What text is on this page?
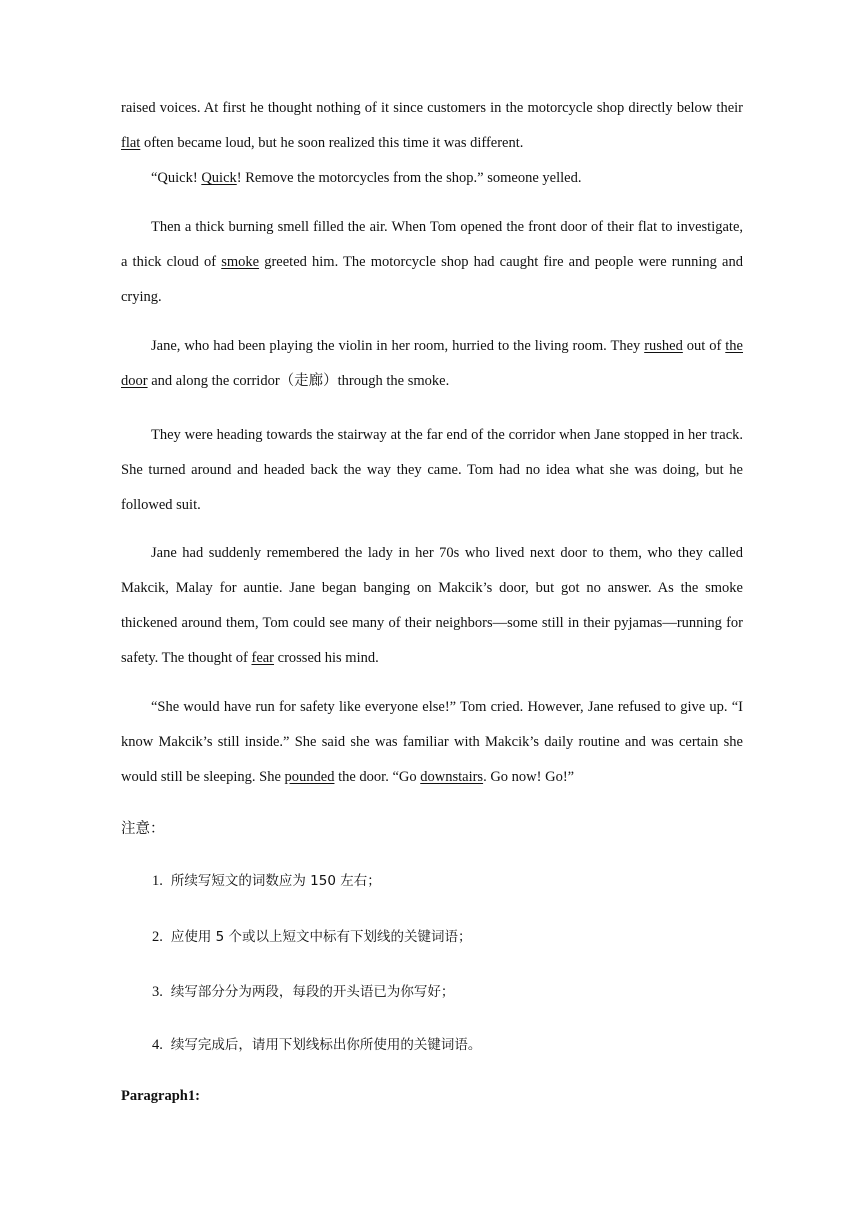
raised voices. At first he thought nothing of it since customers in the motorcycle shop directly below their flat often became loud, but he soon realized this time it was different.

“Quick! Quick! Remove the motorcycles from the shop.” someone yelled.

Then a thick burning smell filled the air. When Tom opened the front door of their flat to investigate, a thick cloud of smoke greeted him. The motorcycle shop had caught fire and people were running and crying.

Jane, who had been playing the violin in her room, hurried to the living room. They rushed out of the door and along the corridor（走廊）through the smoke.

They were heading towards the stairway at the far end of the corridor when Jane stopped in her track. She turned around and headed back the way they came. Tom had no idea what she was doing, but he followed suit.

Jane had suddenly remembered the lady in her 70s who lived next door to them, who they called Makcik, Malay for auntie. Jane began banging on Makcik’s door, but got no answer. As the smoke thickened around them, Tom could see many of their neighbors—some still in their pyjamas—running for safety. The thought of fear crossed his mind.

“She would have run for safety like everyone else!” Tom cried. However, Jane refused to give up. “I know Makcik’s still inside.” She said she was familiar with Makcik’s daily routine and was certain she would still be sleeping. She pounded the door. “Go downstairs. Go now! Go!”

注意：

1. 所续写短文的词数应为 150 左右；

2. 应使用 5 个或以上短文中标有下划线的关键词语；

3. 续写部分分为两段，每段的开头语已为你写好；

4. 续写完成后，请用下划线标出你所使用的关键词语。

Paragraph1:
